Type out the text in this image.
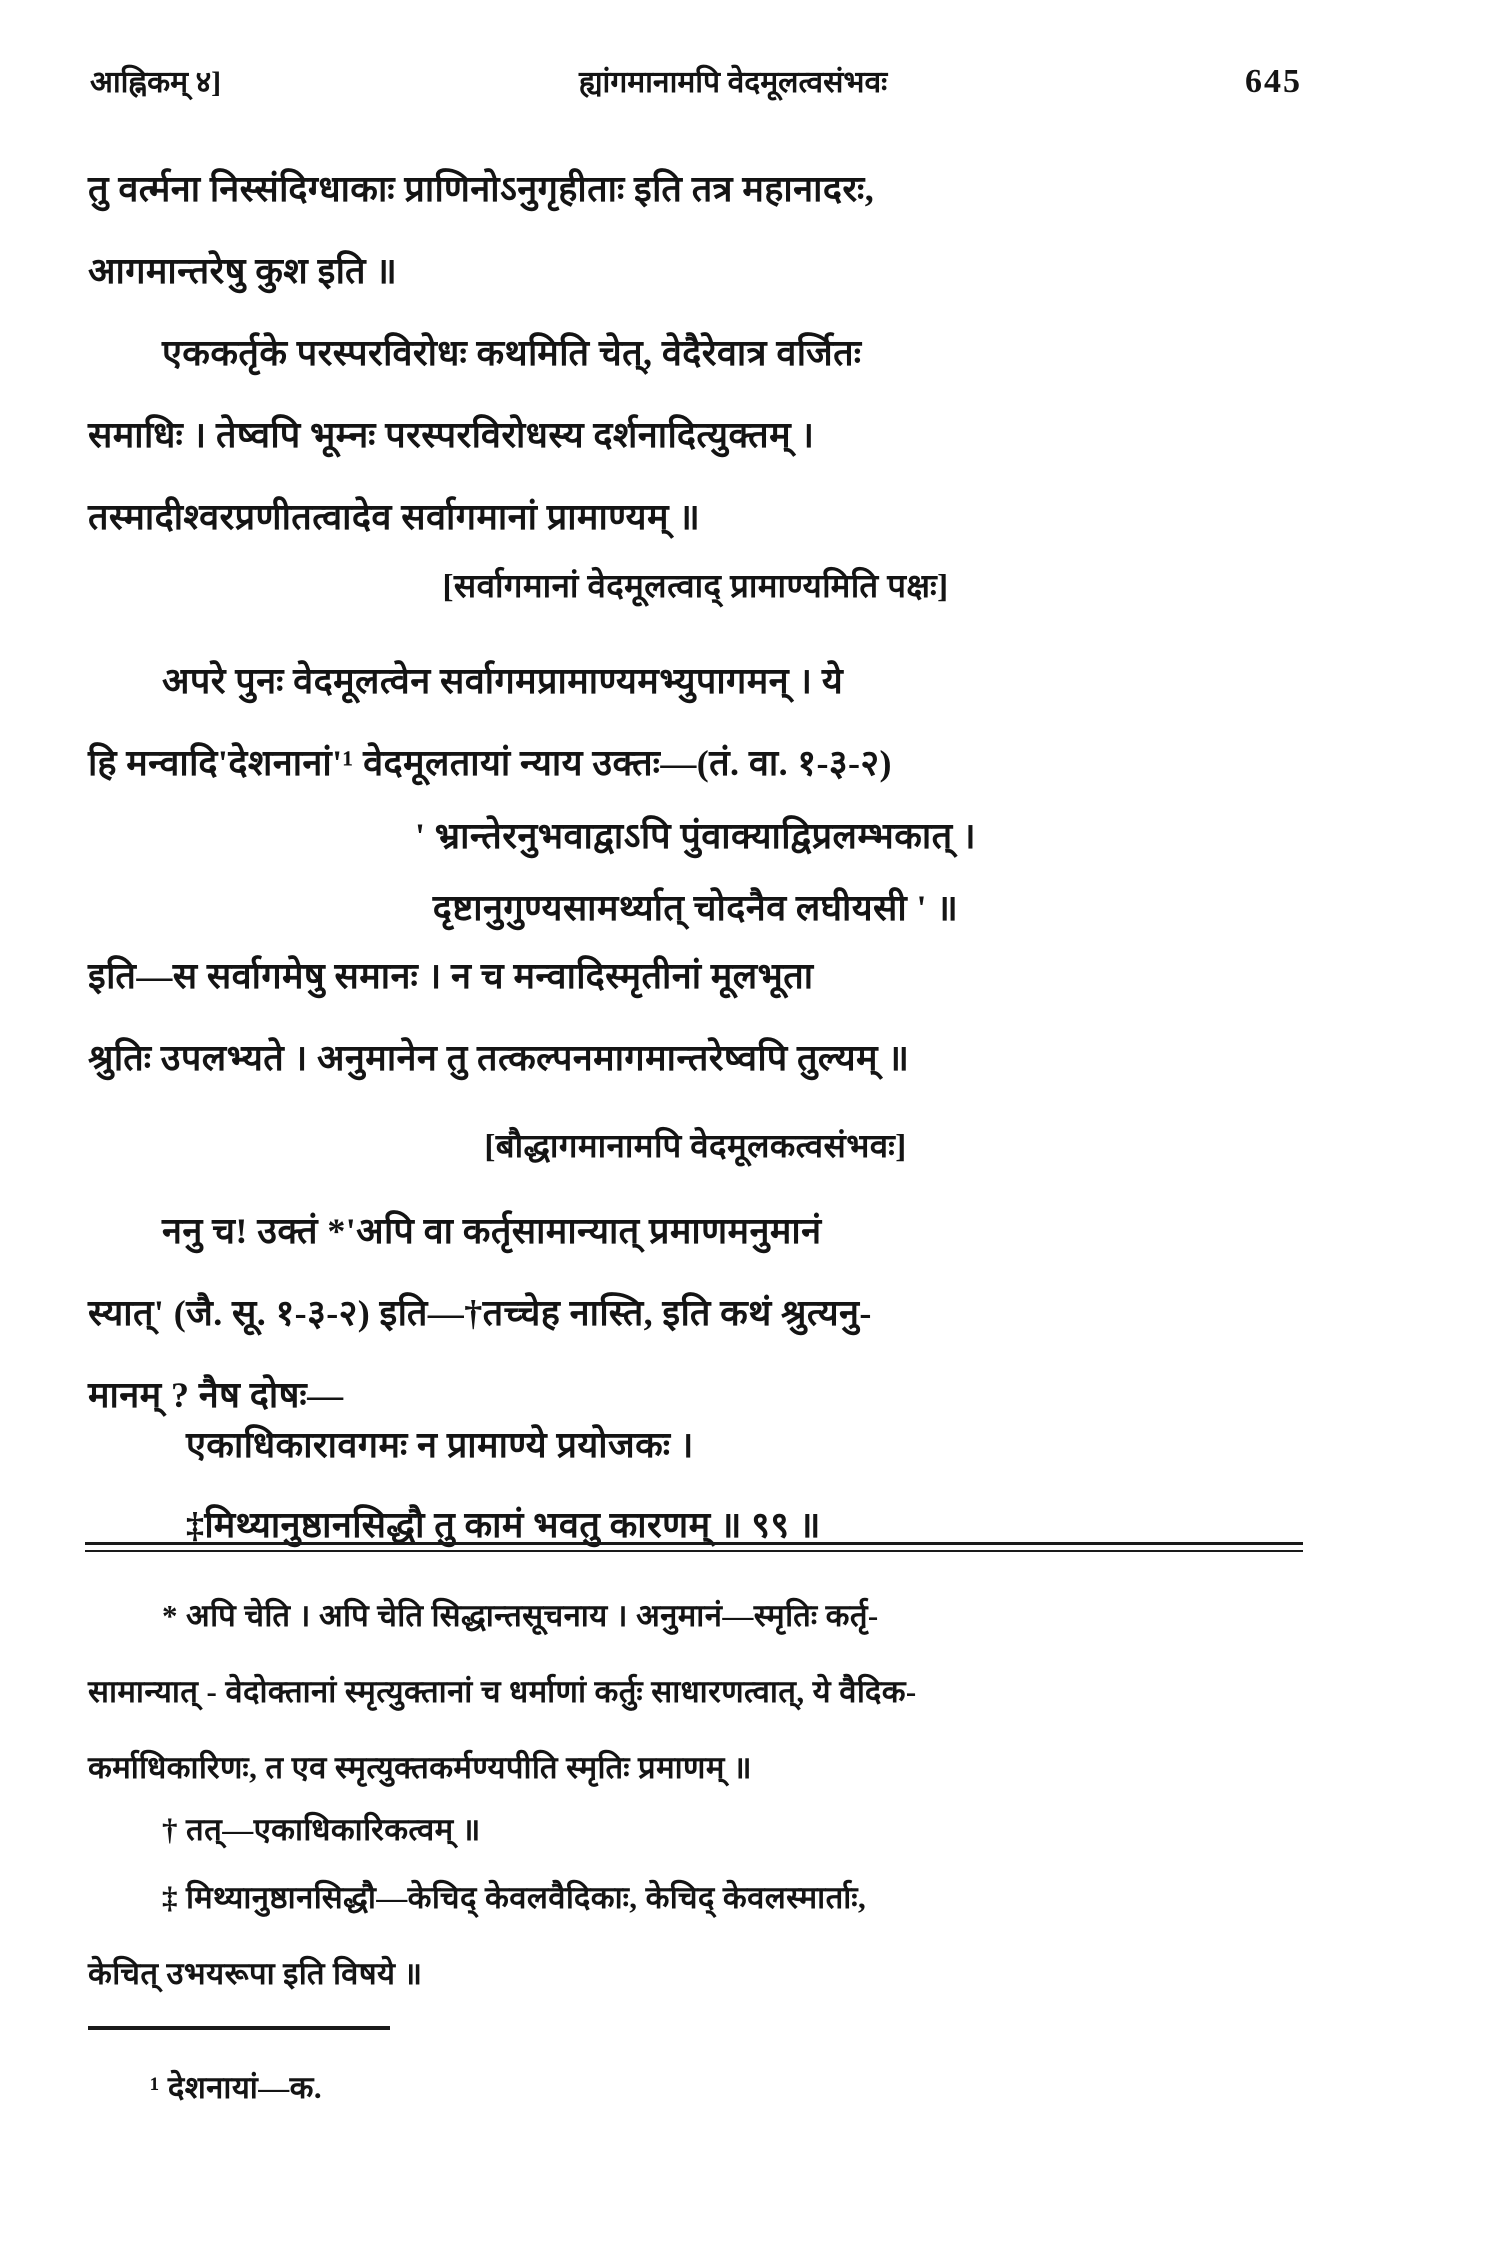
आह्निकम् ४]	ह्यांगमानामपि वेदमूलत्वसंभवः	645
तु वर्त्मना निस्संदिग्धाकाः प्राणिनोऽनुगृहीताः इति तत्र महानादरः,
आगमान्तरेषु कुश इति ॥
एककर्तृके परस्परविरोधः कथमिति चेत्, वेदैरेवात्र वर्जितः
समाधिः । तेष्वपि भूम्नः परस्परविरोधस्य दर्शनादित्युक्तम् ।
तस्मादीश्वरप्रणीतत्वादेव सर्वागमानां प्रामाण्यम् ॥
[सर्वागमानां वेदमूलत्वाद् प्रामाण्यमिति पक्षः]
अपरे पुनः वेदमूलत्वेन सर्वागमप्रामाण्यमभ्युपागमन् । ये
हि मन्वादि'देशनानां'¹ वेदमूलतायां न्याय उक्तः—(तं. वा. १-३-२)
' भ्रान्तेरनुभवाद्वाऽपि पुंवाक्याद्विप्रलम्भकात् ।
दृष्टानुगुण्यसामर्थ्यात् चोदनैव लघीयसी ' ॥
इति—स सर्वागमेषु समानः । न च मन्वादिस्मृतीनां मूलभूता
श्रुतिः उपलभ्यते । अनुमानेन तु तत्कल्पनमागमान्तरेष्वपि तुल्यम् ॥
[बौद्धागमानामपि वेदमूलकत्वसंभवः]
ननु च! उक्तं *'अपि वा कर्तृसामान्यात् प्रमाणमनुमानं
स्यात्' (जै. सू. १-३-२) इति—†तच्चेह नास्ति, इति कथं श्रुत्यनु-
मानम् ? नैष दोषः—
एकाधिकारावगमः न प्रामाण्ये प्रयोजकः ।
‡मिथ्यानुष्ठानसिद्धौ तु कामं भवतु कारणम् ॥ ९९ ॥
* अपि चेति । अपि चेति सिद्धान्तसूचनाय । अनुमानं—स्मृतिः कर्तृ-
सामान्यात् - वेदोक्तानां स्मृत्युक्तानां च धर्माणां कर्तुः साधारणत्वात्, ये वैदिक-
कर्माधिकारिणः, त एव स्मृत्युक्तकर्मण्यपीति स्मृतिः प्रमाणम् ॥
† तत्—एकाधिकारिकत्वम् ॥
‡ मिथ्यानुष्ठानसिद्धौ—केचिद् केवलवैदिकाः, केचिद् केवलस्मार्ताः,
केचित् उभयरूपा इति विषये ॥
¹ देशनायां—क.
